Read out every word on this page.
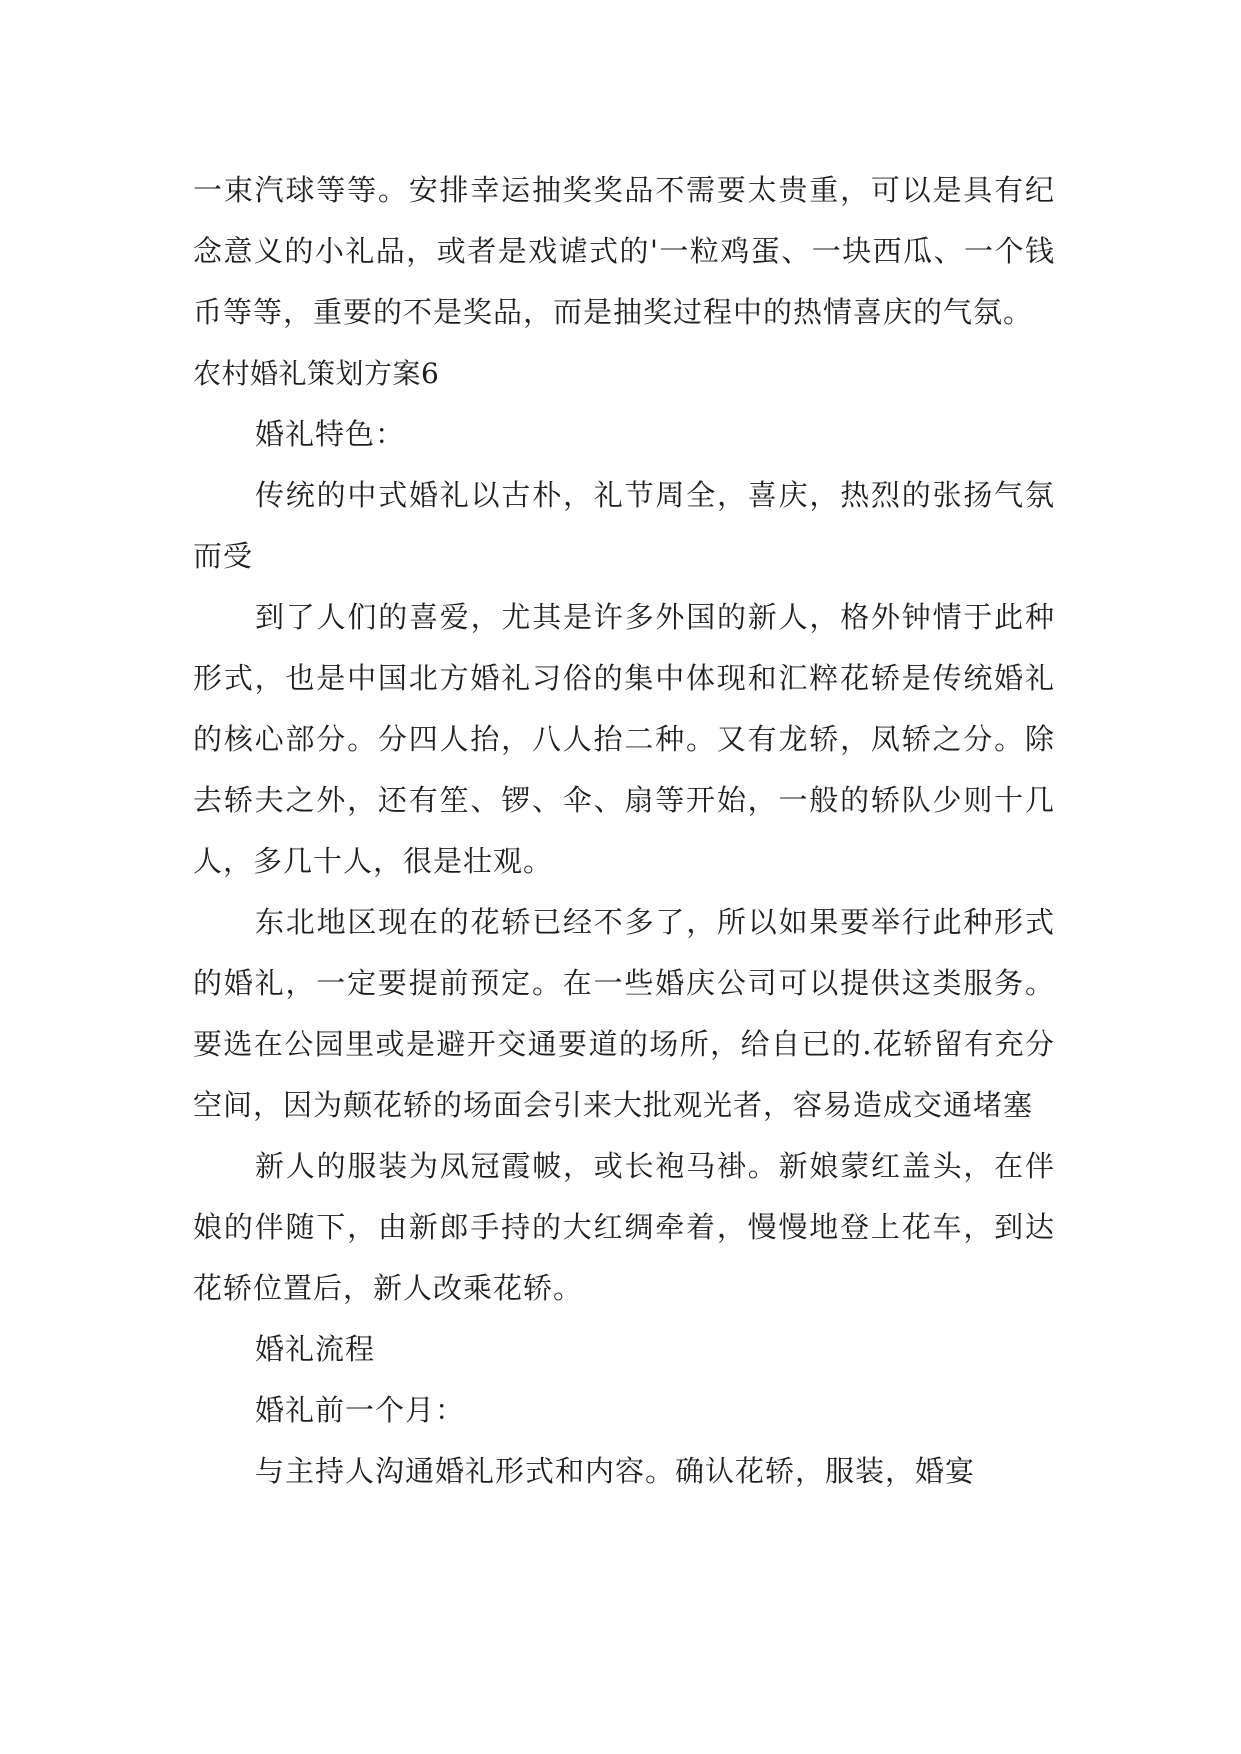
一束汽球等等。安排幸运抽奖奖品不需要太贵重，可以是具有纪念意义的小礼品，或者是戏谑式的'一粒鸡蛋、一块西瓜、一个钱币等等，重要的不是奖品，而是抽奖过程中的热情喜庆的气氛。

农村婚礼策划方案6

婚礼特色：

传统的中式婚礼以古朴，礼节周全，喜庆，热烈的张扬气氛而受

到了人们的喜爱，尤其是许多外国的新人，格外钟情于此种形式，也是中国北方婚礼习俗的集中体现和汇粹花轿是传统婚礼的核心部分。分四人抬，八人抬二种。又有龙轿，凤轿之分。除去轿夫之外，还有笙、锣、伞、扇等开始，一般的轿队少则十几人，多几十人，很是壮观。

东北地区现在的花轿已经不多了，所以如果要举行此种形式的婚礼，一定要提前预定。在一些婚庆公司可以提供这类服务。要选在公园里或是避开交通要道的场所，给自已的.花轿留有充分空间，因为颠花轿的场面会引来大批观光者，容易造成交通堵塞

新人的服装为凤冠霞帔，或长袍马褂。新娘蒙红盖头，在伴娘的伴随下，由新郎手持的大红绸牵着，慢慢地登上花车，到达花轿位置后，新人改乘花轿。

婚礼流程

婚礼前一个月：

与主持人沟通婚礼形式和内容。确认花轿，服装，婚宴
